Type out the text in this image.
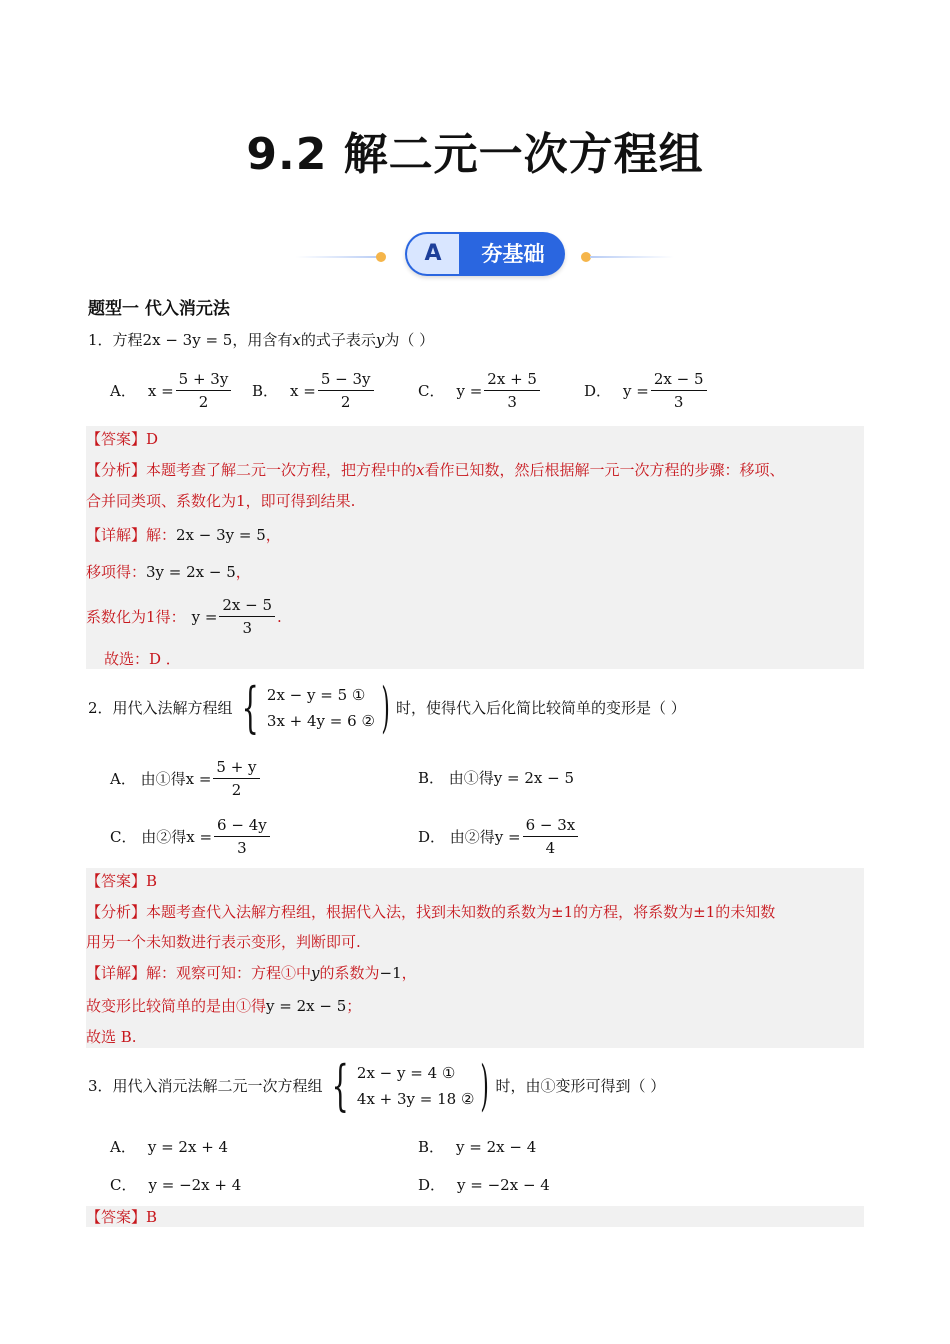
9.2 解二元一次方程组
A	夯基础
题型一 代入消元法
1．方程2x − 3y = 5，用含有x的式子表示y为（ ）
A． $x = \frac{5 + 3y}{2}$ B． $x = \frac{5 - 3y}{2}$	C． $y = \frac{2x + 5}{3}$	D． $y = \frac{2x - 5}{3}$
【答案】D
【分析】本题考查了解二元一次方程，把方程中的x看作已知数，然后根据解一元一次方程的步骤：移项、
合并同类项、系数化为1，即可得到结果.
【详解】解：2x − 3y = 5，
移项得：3y = 2x − 5，
系数化为 1 得： $y = \frac{2x - 5}{3}$ .
故选：D ．
2．用代入法解方程组 { 2x − y = 5 ①
3x + 4y = 6 ② ) 时，使得代入后化简比较简单的变形是（ ）
A． 由①得 $x = \frac{5 + y}{2}$	B． 由①得 y = 2x − 5
C． 由②得 $x = \frac{6 - 4y}{3}$	D． 由②得 $y = \frac{6 - 3x}{4}$
【答案】B
【分析】本题考查代入法解方程组，根据代入法，找到未知数的系数为±1的方程，将系数为±1的未知数
用另一个未知数进行表示变形，判断即可.
【详解】解：观察可知：方程①中y的系数为−1，
故变形比较简单的是由①得y = 2x − 5；
故选 B.
3．用代入消元法解二元一次方程组 { 2x − y = 4 ①
4x + 3y = 18 ② ) 时，由①变形可得到（ ）
A． y = 2x + 4	B． y = 2x − 4
C． y = −2x + 4	D． y = −2x − 4
【答案】B
